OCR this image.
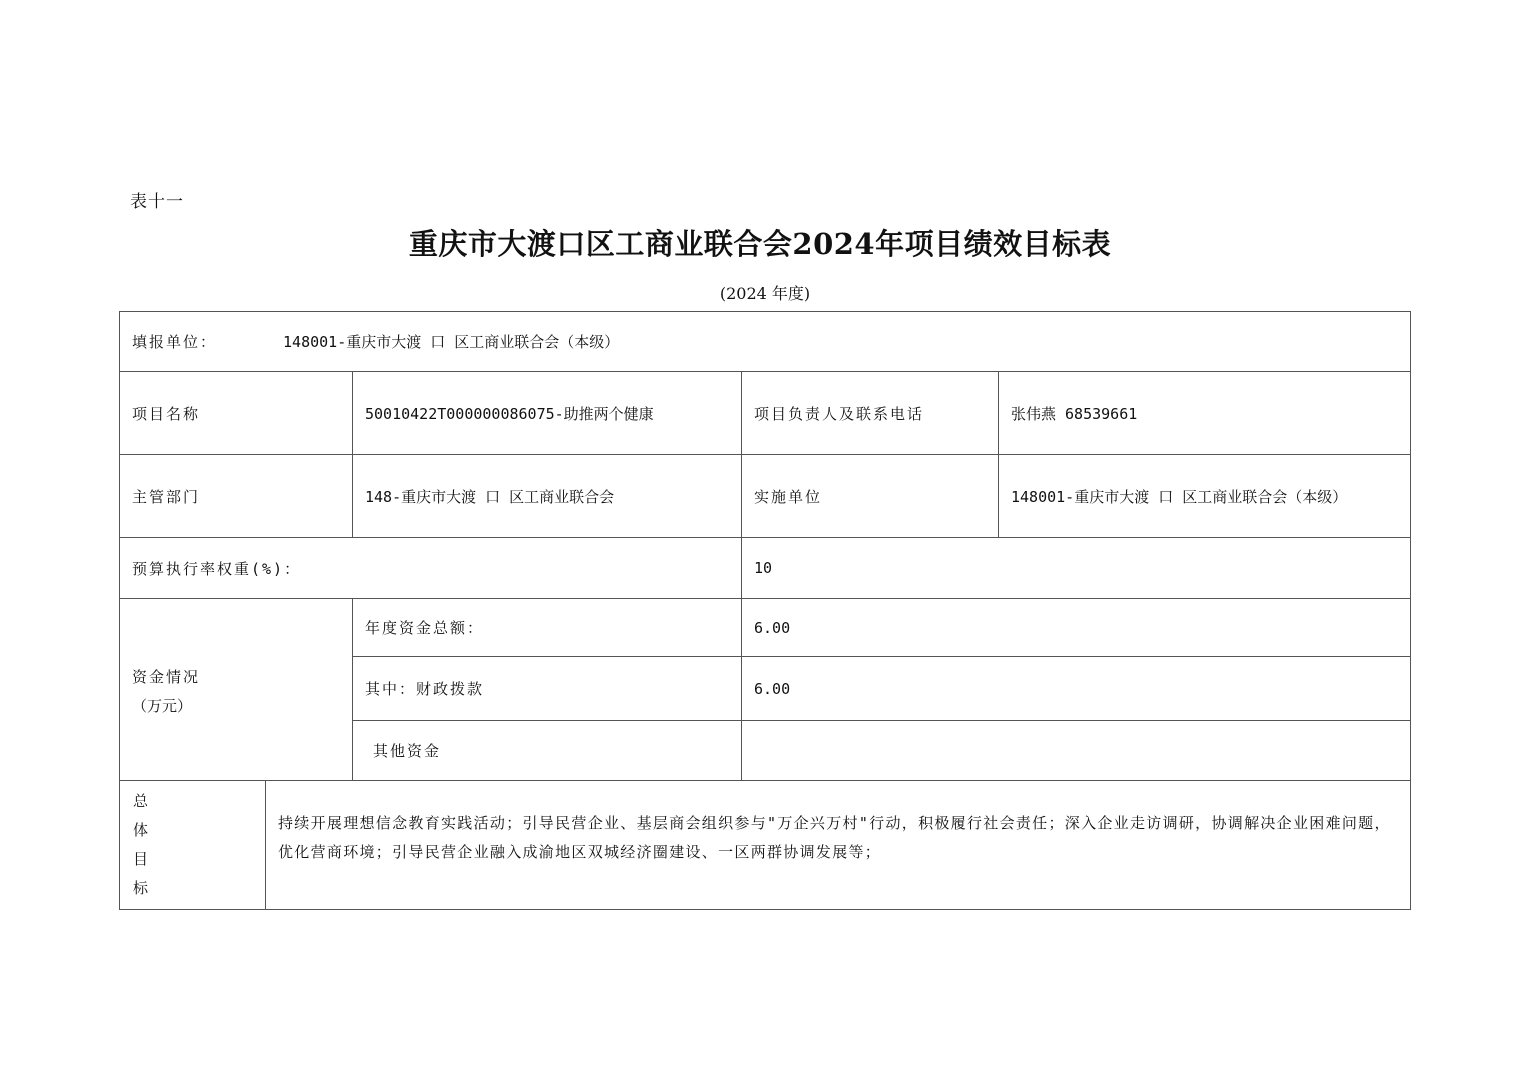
表十一
重庆市大渡口区工商业联合会2024年项目绩效目标表
(2024 年度)
填报单位： 148001-重庆市大渡 口 区工商业联合会（本级）				
项目名称		50010422T000000086075-助推两个健康	项目负责人及联系电话	张伟燕 68539661
主管部门		148-重庆市大渡 口 区工商业联合会	实施单位	148001-重庆市大渡 口 区工商业联合会（本级）
预算执行率权重(%)：			10	

资金情况
（万元）		年度资金总额：	6.00	
		其中：财政拨款	6.00	
		其他资金		

总
体
目
标	持续开展理想信念教育实践活动；引导民营企业、基层商会组织参与"万企兴万村"行动，积极履行社会责任；深入企业走访调研，协调解决企业困难问题，优化营商环境；引导民营企业融入成渝地区双城经济圈建设、一区两群协调发展等；			
